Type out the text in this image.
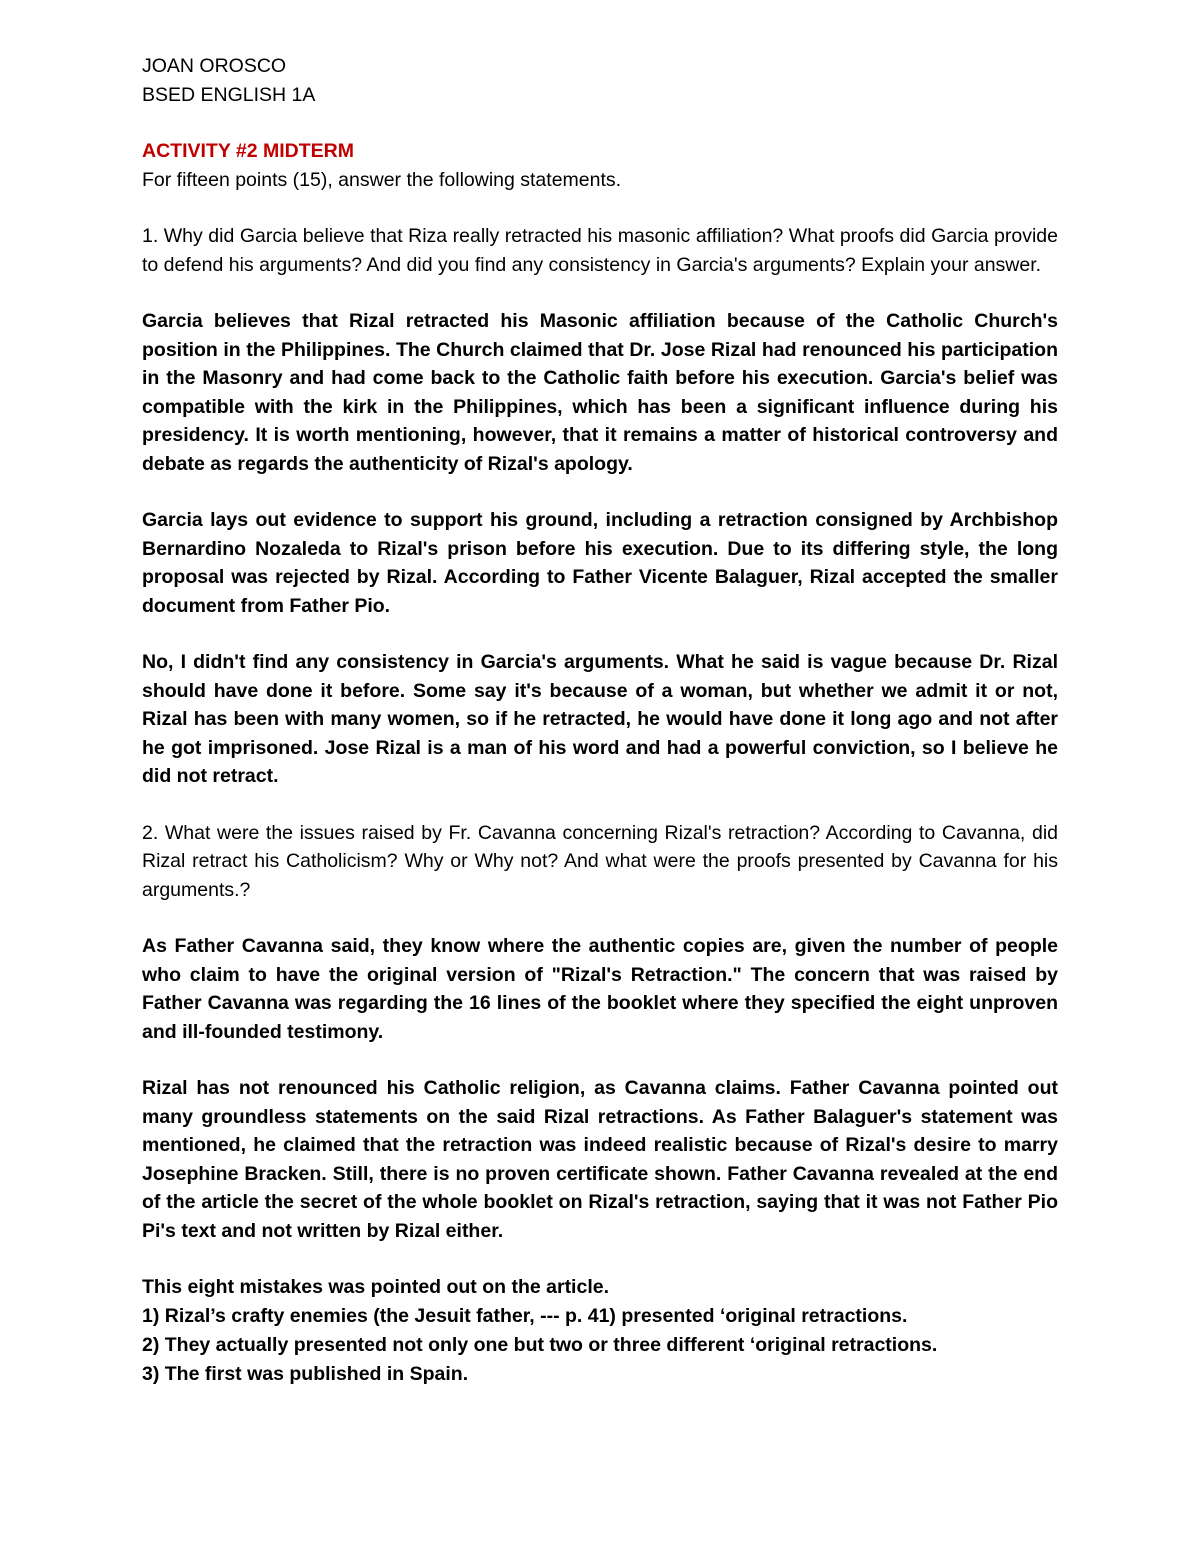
JOAN OROSCO

BSED ENGLISH 1A

ACTIVITY #2 MIDTERM

For fifteen points (15), answer the following statements.

1. Why did Garcia believe that Riza really retracted his masonic affiliation? What proofs did Garcia provide to defend his arguments? And did you find any consistency in Garcia's arguments? Explain your answer.

Garcia believes that Rizal retracted his Masonic affiliation because of the Catholic Church's position in the Philippines. The Church claimed that Dr. Jose Rizal had renounced his participation in the Masonry and had come back to the Catholic faith before his execution. Garcia's belief was compatible with the kirk in the Philippines, which has been a significant influence during his presidency. It is worth mentioning, however, that it remains a matter of historical controversy and debate as regards the authenticity of Rizal's apology.

Garcia lays out evidence to support his ground, including a retraction consigned by Archbishop Bernardino Nozaleda to Rizal's prison before his execution. Due to its differing style, the long proposal was rejected by Rizal. According to Father Vicente Balaguer, Rizal accepted the smaller document from Father Pio.

No, I didn't find any consistency in Garcia's arguments. What he said is vague because Dr. Rizal should have done it before. Some say it's because of a woman, but whether we admit it or not, Rizal has been with many women, so if he retracted, he would have done it long ago and not after he got imprisoned. Jose Rizal is a man of his word and had a powerful conviction, so I believe he did not retract.

2. What were the issues raised by Fr. Cavanna concerning Rizal's retraction? According to Cavanna, did Rizal retract his Catholicism? Why or Why not? And what were the proofs presented by Cavanna for his arguments.?

As Father Cavanna said, they know where the authentic copies are, given the number of people who claim to have the original version of "Rizal's Retraction." The concern that was raised by Father Cavanna was regarding the 16 lines of the booklet where they specified the eight unproven and ill-founded testimony.

Rizal has not renounced his Catholic religion, as Cavanna claims. Father Cavanna pointed out many groundless statements on the said Rizal retractions. As Father Balaguer's statement was mentioned, he claimed that the retraction was indeed realistic because of Rizal's desire to marry Josephine Bracken. Still, there is no proven certificate shown. Father Cavanna revealed at the end of the article the secret of the whole booklet on Rizal's retraction, saying that it was not Father Pio Pi's text and not written by Rizal either.

This eight mistakes was pointed out on the article.

1) Rizal’s crafty enemies (the Jesuit father, --- p. 41) presented ‘original retractions.

2) They actually presented not only one but two or three different ‘original retractions.

3) The first was published in Spain.
